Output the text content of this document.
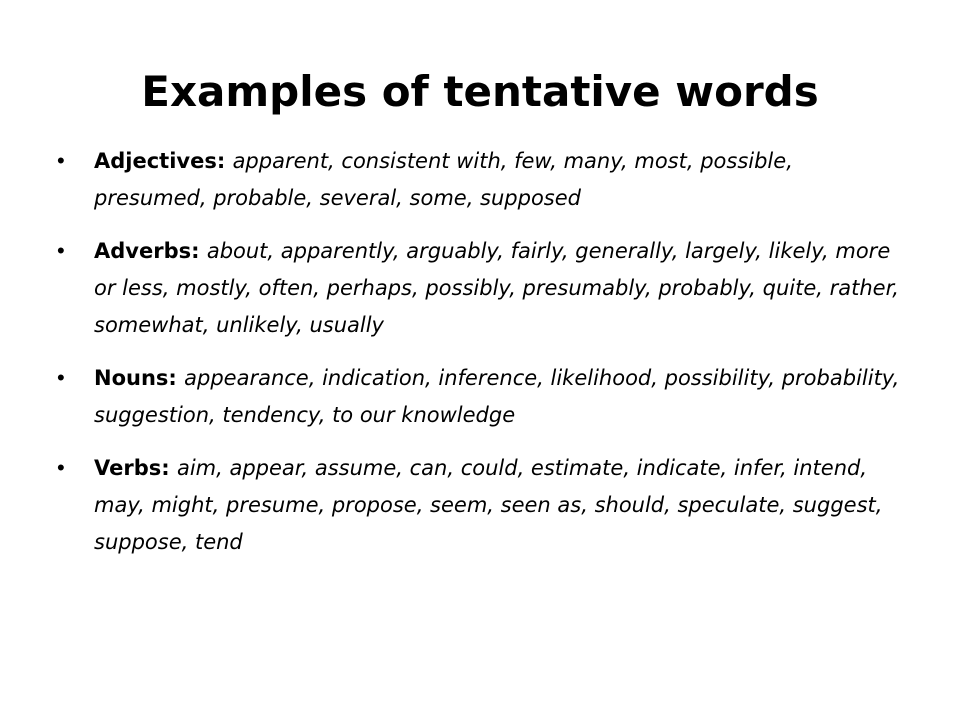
Examples of tentative words
• Adjectives: apparent, consistent with, few, many, most, possible, presumed, probable, several, some, supposed
• Adverbs: about, apparently, arguably, fairly, generally, largely, likely, more or less, mostly, often, perhaps, possibly, presumably, probably, quite, rather, somewhat, unlikely, usually
• Nouns: appearance, indication, inference, likelihood, possibility, probability, suggestion, tendency, to our knowledge
• Verbs: aim, appear, assume, can, could, estimate, indicate, infer, intend, may, might, presume, propose, seem, seen as, should, speculate, suggest, suppose, tend
